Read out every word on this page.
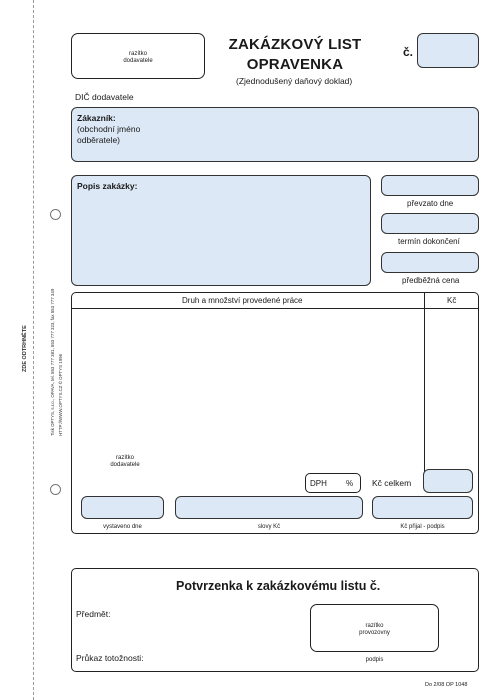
ZDE ODTRHNĚTE	Tisk OPTYS, s.r.o., OPAVA, tel. 553 777 381, 553 777 323, fax 553 777 349 HTTP://WWW.OPTYS.CZ © OPTYS 1996
razítko
dodavatele
ZAKÁZKOVÝ LIST
OPRAVENKA
(Zjednodušený daňový doklad)
č.
DIČ dodavatele
Zákazník:
(obchodní jméno
odběratele)
Popis zakázky:
převzato dne
termín dokončení
předběžná cena
Druh a množství provedené práce	Kč
razítko
dodavatele
DPH % Kč celkem
vystaveno dne	slovy Kč	Kč přijal - podpis
Potvrzenka k zakázkovému listu č.
Předmět:
Průkaz totožnosti:
razítko
provozovny
podpis
Do 2/08 OP 1048
